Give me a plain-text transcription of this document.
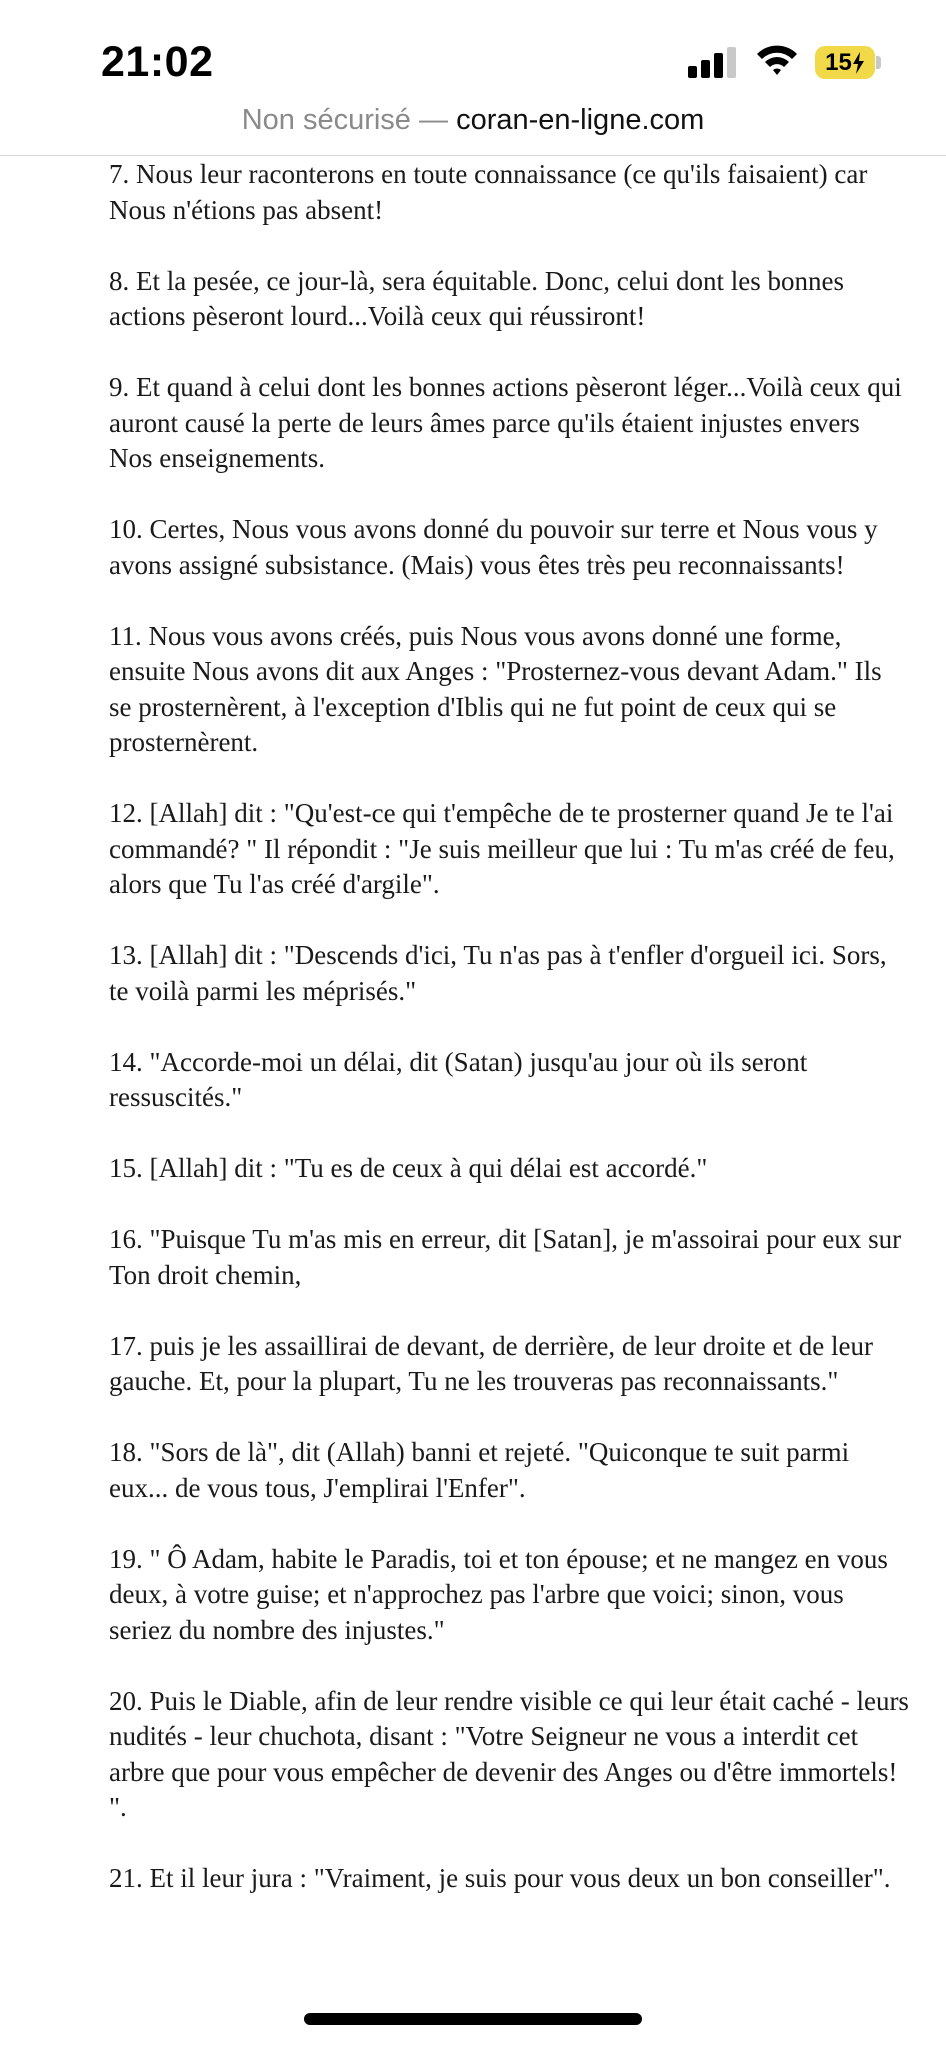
21:02	15
Non sécurisé — coran-en-ligne.com

7. Nous leur raconterons en toute connaissance (ce qu'ils faisaient) car Nous n'étions pas absent!

8. Et la pesée, ce jour-là, sera équitable. Donc, celui dont les bonnes actions pèseront lourd...Voilà ceux qui réussiront!

9. Et quand à celui dont les bonnes actions pèseront léger...Voilà ceux qui auront causé la perte de leurs âmes parce qu'ils étaient injustes envers Nos enseignements.

10. Certes, Nous vous avons donné du pouvoir sur terre et Nous vous y avons assigné subsistance. (Mais) vous êtes très peu reconnaissants!

11. Nous vous avons créés, puis Nous vous avons donné une forme, ensuite Nous avons dit aux Anges : "Prosternez-vous devant Adam." Ils se prosternèrent, à l'exception d'Iblis qui ne fut point de ceux qui se prosternèrent.

12. [Allah] dit : "Qu'est-ce qui t'empêche de te prosterner quand Je te l'ai commandé? " Il répondit : "Je suis meilleur que lui : Tu m'as créé de feu, alors que Tu l'as créé d'argile".

13. [Allah] dit : "Descends d'ici, Tu n'as pas à t'enfler d'orgueil ici. Sors, te voilà parmi les méprisés."

14. "Accorde-moi un délai, dit (Satan) jusqu'au jour où ils seront ressuscités."

15. [Allah] dit : "Tu es de ceux à qui délai est accordé."

16. "Puisque Tu m'as mis en erreur, dit [Satan], je m'assoirai pour eux sur Ton droit chemin,

17. puis je les assaillirai de devant, de derrière, de leur droite et de leur gauche. Et, pour la plupart, Tu ne les trouveras pas reconnaissants."

18. "Sors de là", dit (Allah) banni et rejeté. "Quiconque te suit parmi eux... de vous tous, J'emplirai l'Enfer".

19. " Ô Adam, habite le Paradis, toi et ton épouse; et ne mangez en vous deux, à votre guise; et n'approchez pas l'arbre que voici; sinon, vous seriez du nombre des injustes."

20. Puis le Diable, afin de leur rendre visible ce qui leur était caché - leurs nudités - leur chuchota, disant : "Votre Seigneur ne vous a interdit cet arbre que pour vous empêcher de devenir des Anges ou d'être immortels! ".

21. Et il leur jura : "Vraiment, je suis pour vous deux un bon conseiller".
